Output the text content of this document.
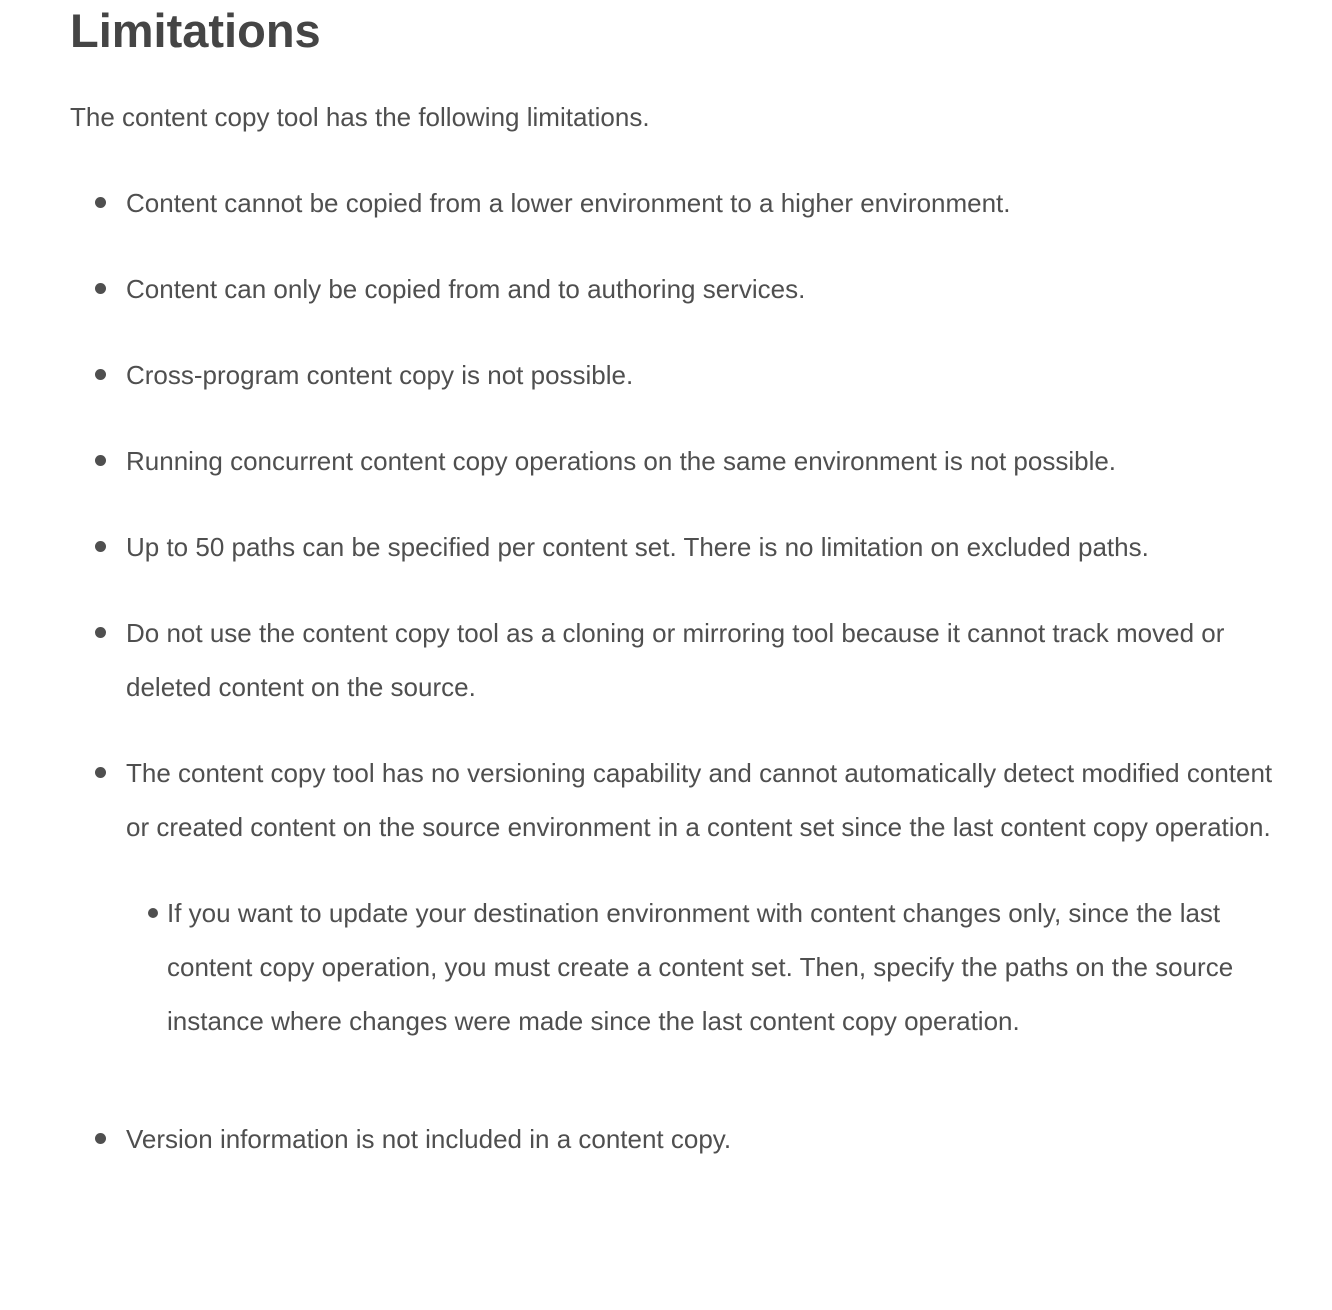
Limitations

The content copy tool has the following limitations.

Content cannot be copied from a lower environment to a higher environment.

Content can only be copied from and to authoring services.

Cross-program content copy is not possible.

Running concurrent content copy operations on the same environment is not possible.

Up to 50 paths can be specified per content set. There is no limitation on excluded paths.

Do not use the content copy tool as a cloning or mirroring tool because it cannot track moved or deleted content on the source.

The content copy tool has no versioning capability and cannot automatically detect modified content or created content on the source environment in a content set since the last content copy operation.

If you want to update your destination environment with content changes only, since the last content copy operation, you must create a content set. Then, specify the paths on the source instance where changes were made since the last content copy operation.

Version information is not included in a content copy.
